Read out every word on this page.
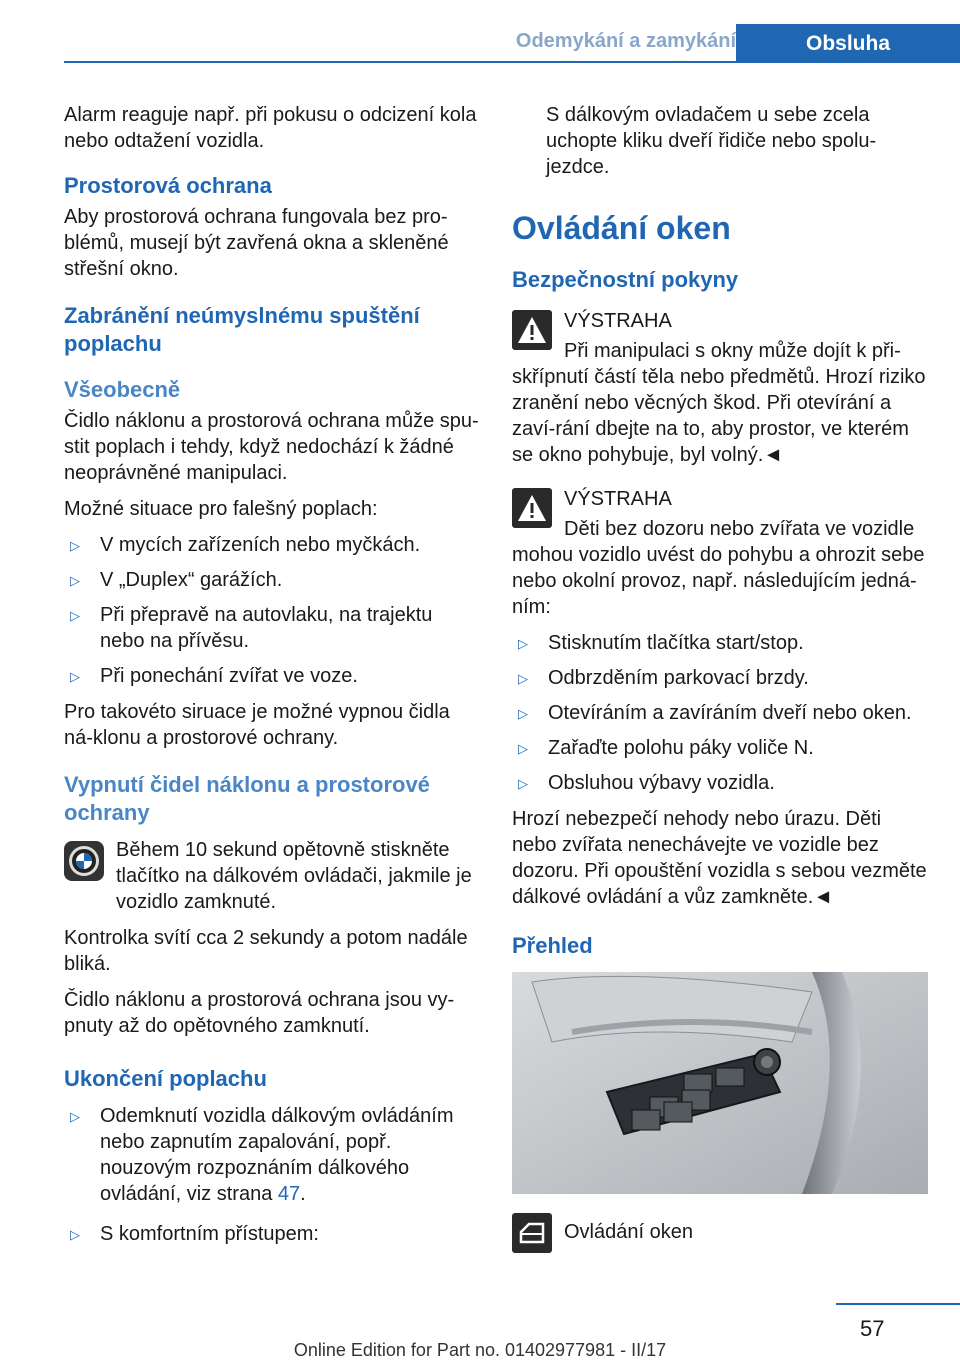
Odemykání a zamykání	Obsluha

Alarm reaguje např. při pokusu o odcizení kola nebo odtažení vozidla.

Prostorová ochrana

Aby prostorová ochrana fungovala bez pro-blémů, musejí být zavřená okna a skleněné střešní okno.

Zabránění neúmyslnému spuštění poplachu
Všeobecně

Čidlo náklonu a prostorová ochrana může spu-stit poplach i tehdy, když nedochází k žádné neoprávněné manipulaci.

Možné situace pro falešný poplach:

▷ V mycích zařízeních nebo myčkách.
▷ V „Duplex“ garážích.
▷ Při přepravě na autovlaku, na trajektu nebo na přívěsu.
▷ Při ponechání zvířat ve voze.

Pro takovéto siruace je možné vypnou čidla ná-klonu a prostorové ochrany.

Vypnutí čidel náklonu a prostorové ochrany

Během 10 sekund opětovně stiskněte tlačítko na dálkovém ovládači, jakmile je vozidlo zamknuté.

Kontrolka svítí cca 2 sekundy a potom nadále bliká.

Čidlo náklonu a prostorová ochrana jsou vy-pnuty až do opětovného zamknutí.

Ukončení poplachu
▷ Odemknutí vozidla dálkovým ovládáním nebo zapnutím zapalování, popř. nouzovým rozpoznáním dálkového ovládání, viz strana 47.
▷ S komfortním přístupem:

S dálkovým ovladačem u sebe zcela uchopte kliku dveří řidiče nebo spolu-jezdce.

Ovládání oken
Bezpečnostní pokyny

VÝSTRAHA

Při manipulaci s okny může dojít k při-skřípnutí částí těla nebo předmětů. Hrozí riziko zranění nebo věcných škod. Při otevírání a zaví-rání dbejte na to, aby prostor, ve kterém se okno pohybuje, byl volný.◄

VÝSTRAHA

Děti bez dozoru nebo zvířata ve vozidle mohou vozidlo uvést do pohybu a ohrozit sebe nebo okolní provoz, např. následujícím jedná-ním:

▷ Stisknutím tlačítka start/stop.
▷ Odbrzděním parkovací brzdy.
▷ Otevíráním a zavíráním dveří nebo oken.
▷ Zařaďte polohu páky voliče N.
▷ Obsluhou výbavy vozidla.

Hrozí nebezpečí nehody nebo úrazu. Děti nebo zvířata nenechávejte ve vozidle bez dozoru. Při opouštění vozidla s sebou vezměte dálkové ovládání a vůz zamkněte.◄

Přehled

Ovládání oken

57
Online Edition for Part no. 01402977981 - II/17
